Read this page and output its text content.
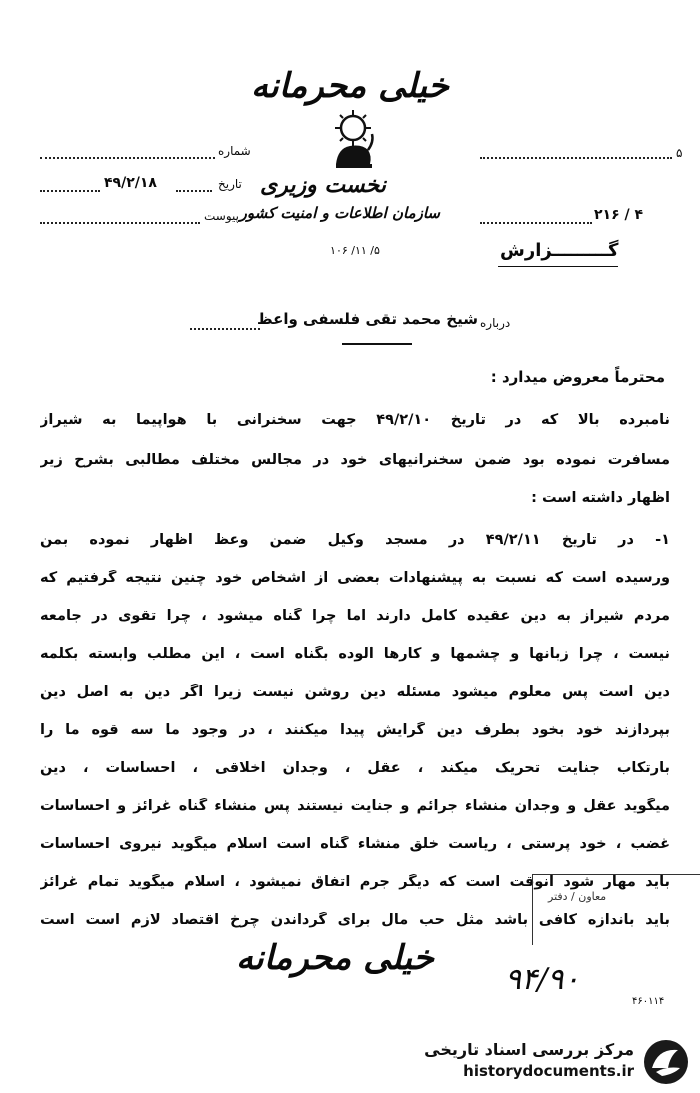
خیلی محرمانه
نخست وزیری
سازمان اطلاعات و امنیت کشور
۵/ ۱۱/ ۱۰۶
شماره
۴۹/۲/۱۸	تاریخ
پیوست
۵
۲۱۶ / ۴
گـــــــــزارش
درباره
شیخ محمد تقی فلسفی واعظ
محترماً معروض میدارد :
نامبرده بالا که در تاریخ ۴۹/۲/۱۰ جهت سخنرانی با هواپیما به شیراز
مسافرت نموده بود ضمن سخنرانیهای خود در مجالس مختلف مطالبی بشرح زیر
اظهار داشته است :
۱- در تاریخ ۴۹/۲/۱۱ در مسجد وکیل ضمن وعظ اظهار نموده بمن
ورسیده است که نسبت به پیشنهادات بعضی از اشخاص خود چنین نتیجه گرفتیم که
مردم شیراز به دین عقیده کامل دارند اما چرا گناه میشود ، چرا تقوی در جامعه
نیست ، چرا زبانها و چشمها و کارها آلوده بگناه است ، این مطلب وابسته بکلمه
دین است پس معلوم میشود مسئله دین روشن نیست زیرا اگر دین به اصل دین
بپردازند خود بخود بطرف دین گرایش پیدا میکنند ، در وجود ما سه قوه ما را
بارتکاب جنایت تحریک میکند ، عقل ، وجدان اخلاقی ، احساسات ، دین
میگوید عقل و وجدان منشاء جرائم و جنایت نیستند پس منشاء گناه غرائز و احساسات
غضب ، خود پرستی ، ریاست خلق منشاء گناه است اسلام میگوید نیروی احساسات
باید مهار شود آنوقت است که دیگر جرم اتفاق نمیشود ، اسلام میگوید تمام غرائز
باید باندازه کافی باشد مثل حب مال برای گرداندن چرخ اقتصاد لازم است است
معاون / دفتر
خیلی محرمانه
۹۴/۹۰
۴۶۰۱۱۴
مرکز بررسی اسناد تاریخی
historydocuments.ir
